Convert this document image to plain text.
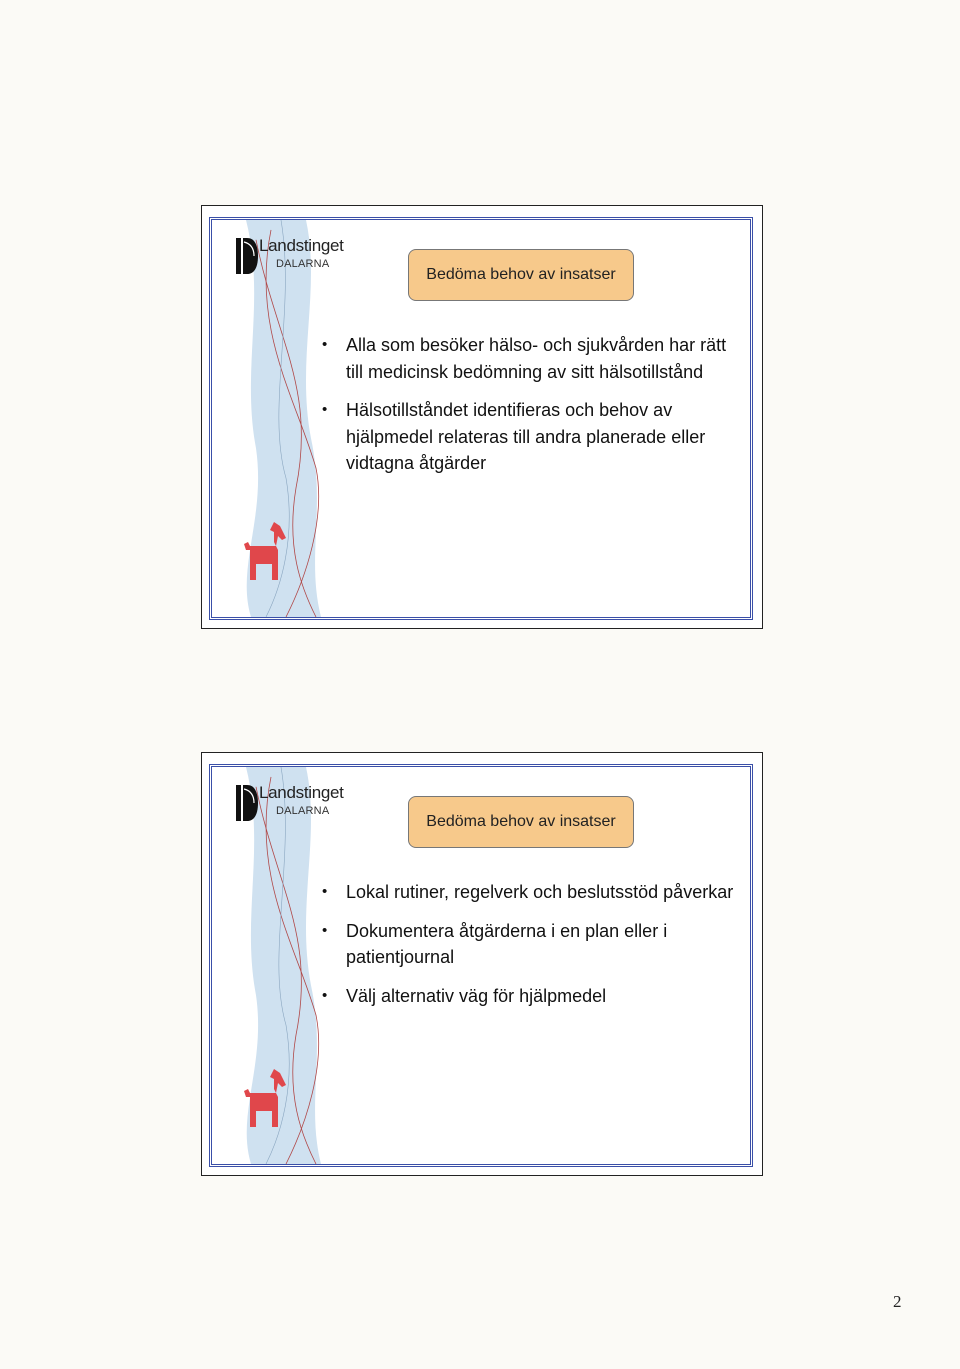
Landstinget
DALARNA
Bedöma behov av insatser
• Alla som besöker hälso- och sjukvården har rätt till medicinsk bedömning av sitt hälsotillstånd
• Hälsotillståndet identifieras och behov av hjälpmedel relateras till andra planerade eller vidtagna åtgärder
Landstinget
DALARNA
Bedöma behov av insatser
• Lokal rutiner, regelverk och beslutsstöd påverkar
• Dokumentera åtgärderna i en plan eller i patientjournal
• Välj alternativ väg för hjälpmedel
2
